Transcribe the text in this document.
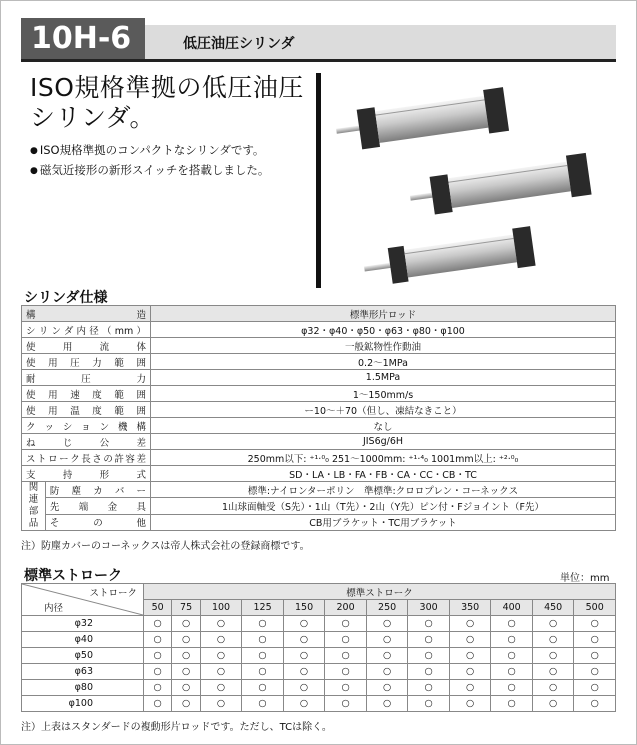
10H-6	低圧油圧シリンダ
ISO規格準拠の低圧油圧
シリンダ。
● ISO規格準拠のコンパクトなシリンダです。
● 磁気近接形の新形スイッチを搭載しました。
シリンダ仕様
構　　　　　造		標準形片ロッド
シリンダ内径（mm）		φ32・φ40・φ50・φ63・φ80・φ100
使　用　流　体		一般鉱物性作動油
使用圧力範囲		0.2～1MPa
耐　　圧　　力		1.5MPa
使用速度範囲		1～150mm/s
使用温度範囲		ー10～＋70（但し、凍結なきこと）
クッション機構		なし
ね　じ　公　差		JIS6g/6H
ストローク長さの許容差		250mm以下: ⁺¹·⁰₀ 251～1000mm: ⁺¹·⁴₀ 1001mm以上: ⁺²·⁰₀
支　持　形　式		SD・LA・LB・FA・FB・CA・CC・CB・TC
関連部品	防塵カバー	標準:ナイロンターポリン　準標準:クロロプレン・コーネックス
	先端金具	1山球面軸受（S先）・1山（T先）・2山（Y先）ピン付・Fジョイント（F先）
	そ　の　他	CB用ブラケット・TC用ブラケット
注）防塵カバーのコーネックスは帝人株式会社の登録商標です。
標準ストローク	単位：mm
ストローク
内径	標準ストローク											
	50	75	100	125	150	200	250	300	350	400	450	500
φ32	○	○	○	○	○	○	○	○	○	○	○	○
φ40	○	○	○	○	○	○	○	○	○	○	○	○
φ50	○	○	○	○	○	○	○	○	○	○	○	○
φ63	○	○	○	○	○	○	○	○	○	○	○	○
φ80	○	○	○	○	○	○	○	○	○	○	○	○
φ100	○	○	○	○	○	○	○	○	○	○	○	○
注）上表はスタンダードの複動形片ロッドです。ただし、TCは除く。
